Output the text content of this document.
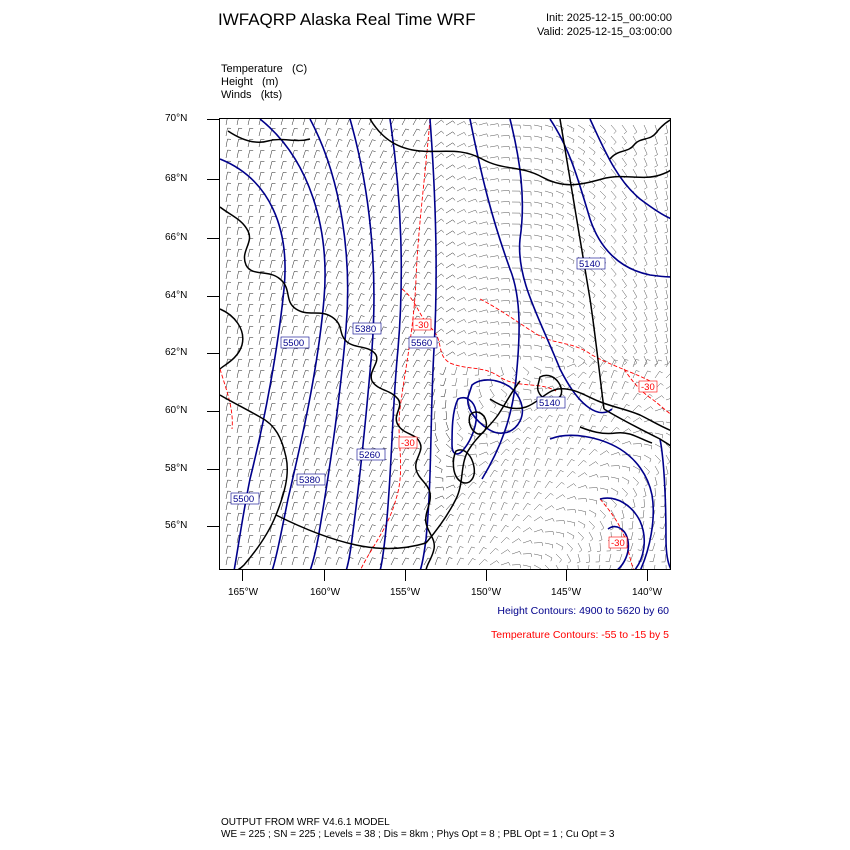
IWFAQRP Alaska Real Time WRF	Init: 2025-12-15_00:00:00
Valid: 2025-12-15_03:00:00
Temperature (C)
Height (m)
Winds (kts)
70°N
68°N
66°N
64°N
62°N
60°N
58°N
56°N
165°W	160°W	155°W	150°W	145°W	140°W
5500
5380
5560
5260
5380
5500
5140
-30
-30
-30
-30
5140
Height Contours: 4900 to 5620 by 60
Temperature Contours: -55 to -15 by 5
OUTPUT FROM WRF V4.6.1 MODEL
WE = 225 ; SN = 225 ; Levels = 38 ; Dis = 8km ; Phys Opt = 8 ; PBL Opt = 1 ; Cu Opt = 3
